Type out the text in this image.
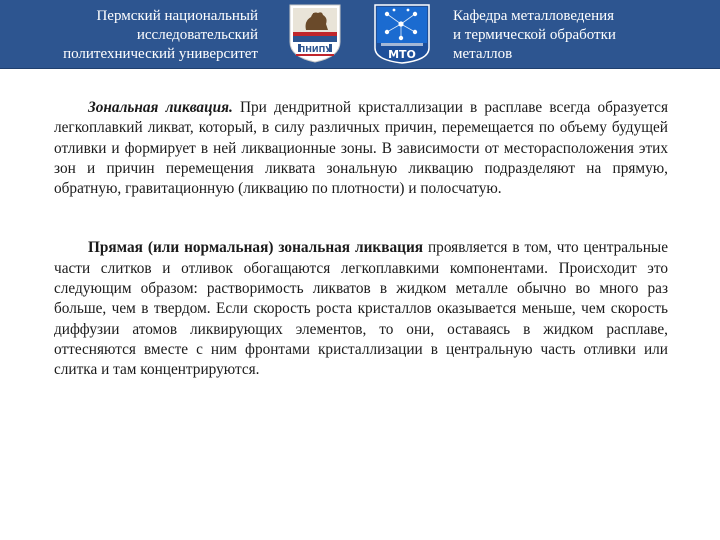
Пермский национальный
исследовательский
политехнический университет	ПНИПУ	МТО
Кафедра металловедения
и термической обработки
металлов

Зональная ликвация. При дендритной кристаллизации в расплаве всегда образуется легкоплавкий ликват, который, в силу различных причин, перемещается по объему будущей отливки и формирует в ней ликвационные зоны. В зависимости от месторасположения этих зон и причин перемещения ликвата зональную ликвацию подразделяют на прямую, обратную, гравитационную (ликвацию по плотности) и полосчатую.

Прямая (или нормальная) зональная ликвация проявляется в том, что центральные части слитков и отливок обогащаются легкоплавкими компонентами. Происходит это следующим образом: растворимость ликватов в жидком металле обычно во много раз больше, чем в твердом. Если скорость роста кристаллов оказывается меньше, чем скорость диффузии атомов ликвирующих элементов, то они, оставаясь в жидком расплаве, оттесняются вместе с ним фронтами кристаллизации в центральную часть отливки или слитка и там концентрируются.
